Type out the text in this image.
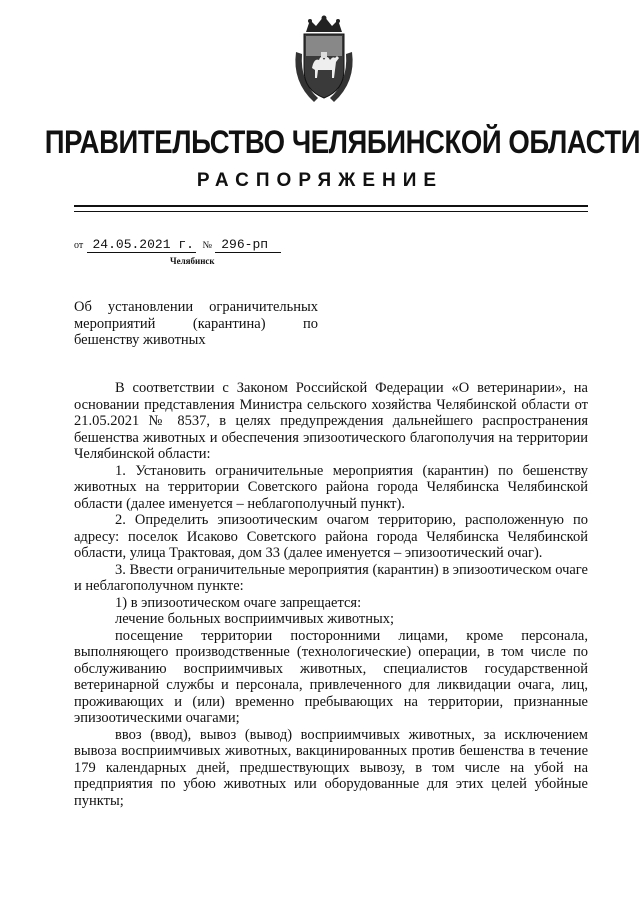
ПРАВИТЕЛЬСТВО ЧЕЛЯБИНСКОЙ ОБЛАСТИ
РАСПОРЯЖЕНИЕ
от 24.05.2021 г. № 296-рп
Челябинск
Об установлении ограничительных
мероприятий (карантина) по
бешенству животных

В соответствии с Законом Российской Федерации «О ветеринарии», на основании представления Министра сельского хозяйства Челябинской области от 21.05.2021 № 8537, в целях предупреждения дальнейшего распространения бешенства животных и обеспечения эпизоотического благополучия на территории Челябинской области:

1. Установить ограничительные мероприятия (карантин) по бешенству животных на территории Советского района города Челябинска Челябинской области (далее именуется – неблагополучный пункт).

2. Определить эпизоотическим очагом территорию, расположенную по адресу: поселок Исаково Советского района города Челябинска Челябинской области, улица Трактовая, дом 33 (далее именуется – эпизоотический очаг).

3. Ввести ограничительные мероприятия (карантин) в эпизоотическом очаге и неблагополучном пункте:

1) в эпизоотическом очаге запрещается:

лечение больных восприимчивых животных;

посещение территории посторонними лицами, кроме персонала, выполняющего производственные (технологические) операции, в том числе по обслуживанию восприимчивых животных, специалистов государственной ветеринарной службы и персонала, привлеченного для ликвидации очага, лиц, проживающих и (или) временно пребывающих на территории, признанные эпизоотическими очагами;

ввоз (ввод), вывоз (вывод) восприимчивых животных, за исключением вывоза восприимчивых животных, вакцинированных против бешенства в течение 179 календарных дней, предшествующих вывозу, в том числе на убой на предприятия по убою животных или оборудованные для этих целей убойные пункты;
